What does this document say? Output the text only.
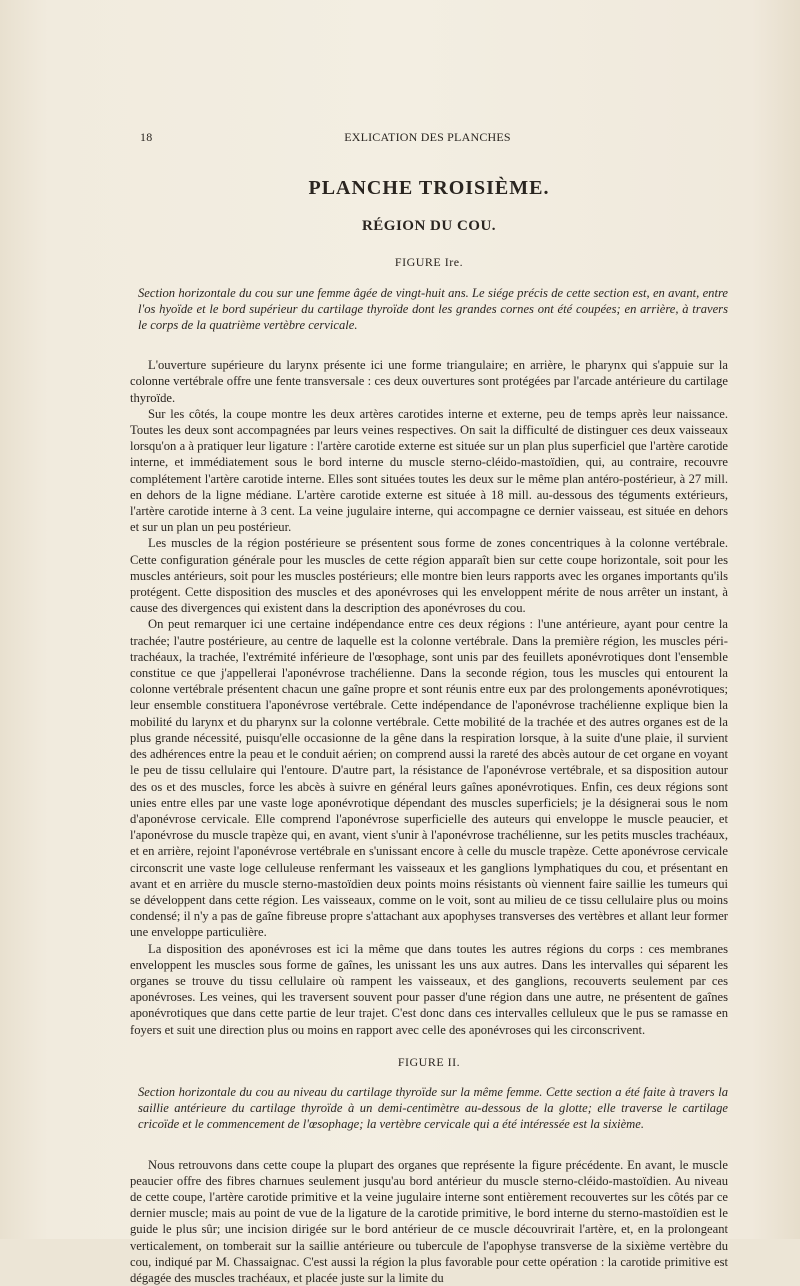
18	EXLICATION DES PLANCHES
PLANCHE TROISIÈME.
RÉGION DU COU.
FIGURE Ire.

Section horizontale du cou sur une femme âgée de vingt-huit ans. Le siége précis de cette section est, en avant, entre l'os hyoïde et le bord supérieur du cartilage thyroïde dont les grandes cornes ont été coupées; en arrière, à travers le corps de la quatrième vertèbre cervicale.

L'ouverture supérieure du larynx présente ici une forme triangulaire; en arrière, le pharynx qui s'appuie sur la colonne vertébrale offre une fente transversale : ces deux ouvertures sont protégées par l'arcade antérieure du cartilage thyroïde.

Sur les côtés, la coupe montre les deux artères carotides interne et externe, peu de temps après leur naissance. Toutes les deux sont accompagnées par leurs veines respectives. On sait la difficulté de distinguer ces deux vaisseaux lorsqu'on a à pratiquer leur ligature : l'artère carotide externe est située sur un plan plus superficiel que l'artère carotide interne, et immédiatement sous le bord interne du muscle sterno-cléido-mastoïdien, qui, au contraire, recouvre complétement l'artère carotide interne. Elles sont situées toutes les deux sur le même plan antéro-postérieur, à 27 mill. en dehors de la ligne médiane. L'artère carotide externe est située à 18 mill. au-dessous des téguments extérieurs, l'artère carotide interne à 3 cent. La veine jugulaire interne, qui accompagne ce dernier vaisseau, est située en dehors et sur un plan un peu postérieur.

Les muscles de la région postérieure se présentent sous forme de zones concentriques à la colonne vertébrale. Cette configuration générale pour les muscles de cette région apparaît bien sur cette coupe horizontale, soit pour les muscles antérieurs, soit pour les muscles postérieurs; elle montre bien leurs rapports avec les organes importants qu'ils protégent. Cette disposition des muscles et des aponévroses qui les enveloppent mérite de nous arrêter un instant, à cause des divergences qui existent dans la description des aponévroses du cou.

On peut remarquer ici une certaine indépendance entre ces deux régions : l'une antérieure, ayant pour centre la trachée; l'autre postérieure, au centre de laquelle est la colonne vertébrale. Dans la première région, les muscles péri-trachéaux, la trachée, l'extrémité inférieure de l'œsophage, sont unis par des feuillets aponévrotiques dont l'ensemble constitue ce que j'appellerai l'aponévrose trachélienne. Dans la seconde région, tous les muscles qui entourent la colonne vertébrale présentent chacun une gaîne propre et sont réunis entre eux par des prolongements aponévrotiques; leur ensemble constituera l'aponévrose vertébrale. Cette indépendance de l'aponévrose trachélienne explique bien la mobilité du larynx et du pharynx sur la colonne vertébrale. Cette mobilité de la trachée et des autres organes est de la plus grande nécessité, puisqu'elle occasionne de la gêne dans la respiration lorsque, à la suite d'une plaie, il survient des adhérences entre la peau et le conduit aérien; on comprend aussi la rareté des abcès autour de cet organe en voyant le peu de tissu cellulaire qui l'entoure. D'autre part, la résistance de l'aponévrose vertébrale, et sa disposition autour des os et des muscles, force les abcès à suivre en général leurs gaînes aponévrotiques. Enfin, ces deux régions sont unies entre elles par une vaste loge aponévrotique dépendant des muscles superficiels; je la désignerai sous le nom d'aponévrose cervicale. Elle comprend l'aponévrose superficielle des auteurs qui enveloppe le muscle peaucier, et l'aponévrose du muscle trapèze qui, en avant, vient s'unir à l'aponévrose trachélienne, sur les petits muscles trachéaux, et en arrière, rejoint l'aponévrose vertébrale en s'unissant encore à celle du muscle trapèze. Cette aponévrose cervicale circonscrit une vaste loge celluleuse renfermant les vaisseaux et les ganglions lymphatiques du cou, et présentant en avant et en arrière du muscle sterno-mastoïdien deux points moins résistants où viennent faire saillie les tumeurs qui se développent dans cette région. Les vaisseaux, comme on le voit, sont au milieu de ce tissu cellulaire plus ou moins condensé; il n'y a pas de gaîne fibreuse propre s'attachant aux apophyses transverses des vertèbres et allant leur former une enveloppe particulière.

La disposition des aponévroses est ici la même que dans toutes les autres régions du corps : ces membranes enveloppent les muscles sous forme de gaînes, les unissant les uns aux autres. Dans les intervalles qui séparent les organes se trouve du tissu cellulaire où rampent les vaisseaux, et des ganglions, recouverts seulement par ces aponévroses. Les veines, qui les traversent souvent pour passer d'une région dans une autre, ne présentent de gaînes aponévrotiques que dans cette partie de leur trajet. C'est donc dans ces intervalles celluleux que le pus se ramasse en foyers et suit une direction plus ou moins en rapport avec celle des aponévroses qui les circonscrivent.

FIGURE II.

Section horizontale du cou au niveau du cartilage thyroïde sur la même femme. Cette section a été faite à travers la saillie antérieure du cartilage thyroïde à un demi-centimètre au-dessous de la glotte; elle traverse le cartilage cricoïde et le commencement de l'œsophage; la vertèbre cervicale qui a été intéressée est la sixième.

Nous retrouvons dans cette coupe la plupart des organes que représente la figure précédente. En avant, le muscle peaucier offre des fibres charnues seulement jusqu'au bord antérieur du muscle sterno-cléido-mastoïdien. Au niveau de cette coupe, l'artère carotide primitive et la veine jugulaire interne sont entièrement recouvertes sur les côtés par ce dernier muscle; mais au point de vue de la ligature de la carotide primitive, le bord interne du sterno-mastoïdien est le guide le plus sûr; une incision dirigée sur le bord antérieur de ce muscle découvrirait l'artère, et, en la prolongeant verticalement, on tomberait sur la saillie antérieure ou tubercule de l'apophyse transverse de la sixième vertèbre du cou, indiqué par M. Chassaignac. C'est aussi la région la plus favorable pour cette opération : la carotide primitive est dégagée des muscles trachéaux, et placée juste sur la limite du
